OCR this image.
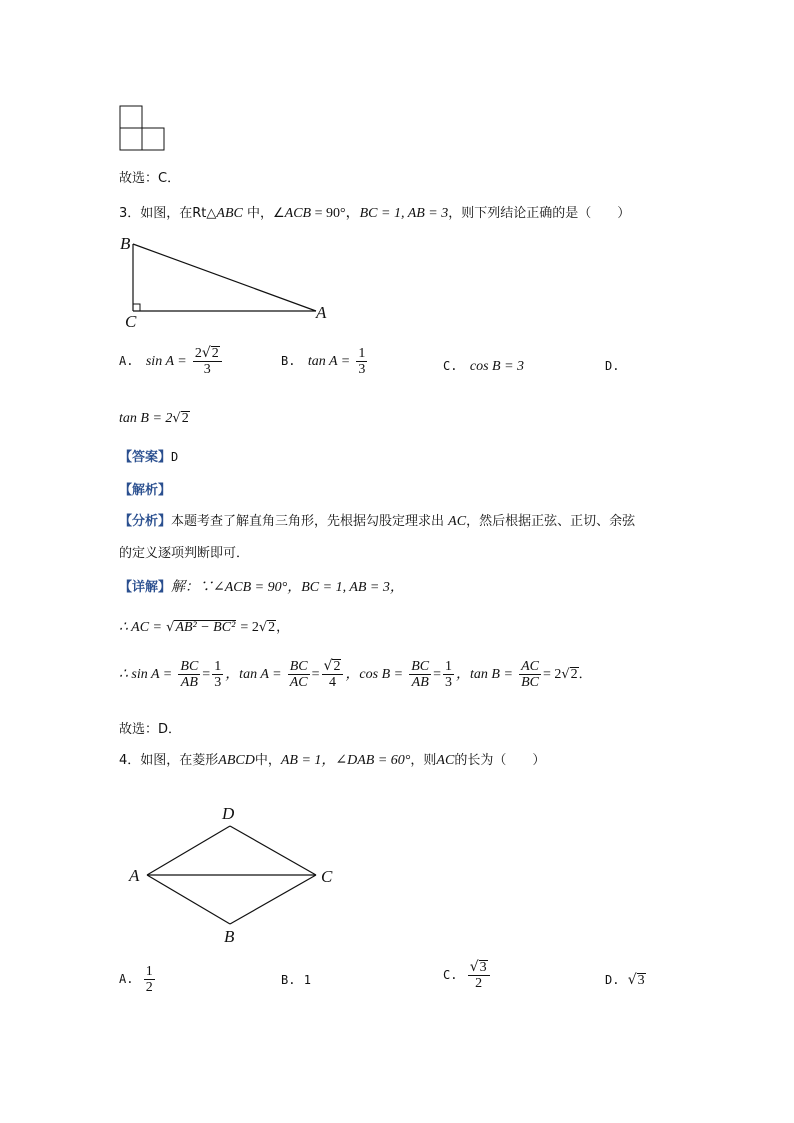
故选：C．
3．如图，在Rt△ABC 中，∠ACB = 90°，BC = 1, AB = 3，则下列结论正确的是（　　）
B
C	A
A. $\sin A = \frac{2√2}{3}$	B. $\tan A = \frac{1}{3}$	C. cos B = 3	D.
tan B = 2√2
【答案】D
【解析】
【分析】本题考查了解直角三角形，先根据勾股定理求出 AC，然后根据正弦、正切、余弦
的定义逐项判断即可．
【详解】解：∵∠ACB = 90°，BC = 1, AB = 3，
∴ AC = √AB² − BC² = 2√2，
∴ $\sin A = \frac{BC}{AB} = \frac{1}{3}$ ，$\tan A = \frac{BC}{AC} = \frac{√2}{4}$ ，$\cos B = \frac{BC}{AB} = \frac{1}{3}$ ，$\tan B = \frac{AC}{BC} = 2√2$．
故选：D．
4．如图，在菱形ABCD中，AB = 1，∠DAB = 60°，则AC的长为（　　）
D
A	C
B
A. $\frac{1}{2}$	B. 1	C. $\frac{√3}{2}$	D. √3
